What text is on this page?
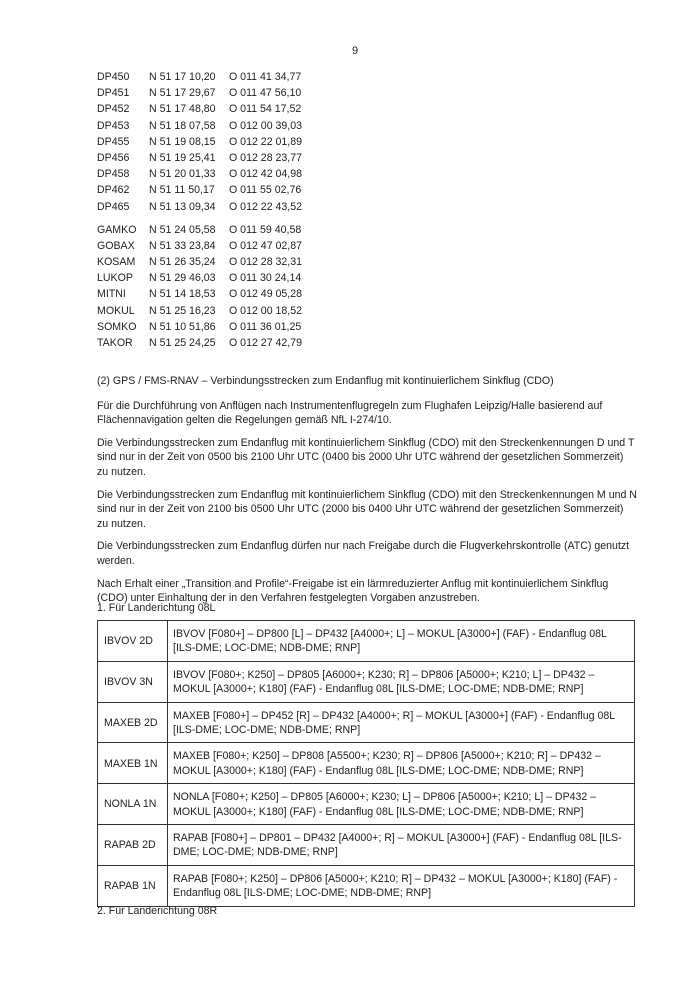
9
DP450	N 51 17 10,20	O 011 41 34,77
DP451	N 51 17 29,67	O 011 47 56,10
DP452	N 51 17 48,80	O 011 54 17,52
DP453	N 51 18 07,58	O 012 00 39,03
DP455	N 51 19 08,15	O 012 22 01,89
DP456	N 51 19 25,41	O 012 28 23,77
DP458	N 51 20 01,33	O 012 42 04,98
DP462	N 51 11 50,17	O 011 55 02,76
DP465	N 51 13 09,34	O 012 22 43,52
GAMKO	N 51 24 05,58	O 011 59 40,58
GOBAX	N 51 33 23,84	O 012 47 02,87
KOSAM	N 51 26 35,24	O 012 28 32,31
LUKOP	N 51 29 46,03	O 011 30 24,14
MITNI	N 51 14 18,53	O 012 49 05,28
MOKUL	N 51 25 16,23	O 012 00 18,52
SOMKO	N 51 10 51,86	O 011 36 01,25
TAKOR	N 51 25 24,25	O 012 27 42,79

(2) GPS / FMS-RNAV – Verbindungsstrecken zum Endanflug mit kontinuierlichem Sinkflug (CDO)

Für die Durchführung von Anflügen nach Instrumentenflugregeln zum Flughafen Leipzig/Halle basierend auf Flächennavigation gelten die Regelungen gemäß NfL I-274/10.

Die Verbindungsstrecken zum Endanflug mit kontinuierlichem Sinkflug (CDO) mit den Streckenkennungen D und T sind nur in der Zeit von 0500 bis 2100 Uhr UTC (0400 bis 2000 Uhr UTC während der gesetzlichen Sommerzeit) zu nutzen.

Die Verbindungsstrecken zum Endanflug mit kontinuierlichem Sinkflug (CDO) mit den Streckenkennungen M und N sind nur in der Zeit von 2100 bis 0500 Uhr UTC (2000 bis 0400 Uhr UTC während der gesetzlichen Sommerzeit) zu nutzen.

Die Verbindungsstrecken zum Endanflug dürfen nur nach Freigabe durch die Flugverkehrskontrolle (ATC) genutzt werden.

Nach Erhalt einer „Transition and Profile“-Freigabe ist ein lärmreduzierter Anflug mit kontinuierlichem Sinkflug (CDO) unter Einhaltung der in den Verfahren festgelegten Vorgaben anzustreben.

1. Für Landerichtung 08L
IBVOV 2D	IBVOV [F080+] – DP800 [L] – DP432 [A4000+; L] – MOKUL [A3000+] (FAF) - Endanflug 08L [ILS-DME; LOC-DME; NDB-DME; RNP]
IBVOV 3N	IBVOV [F080+; K250] – DP805 [A6000+; K230; R] – DP806 [A5000+; K210; L] – DP432 – MOKUL [A3000+; K180] (FAF) - Endanflug 08L [ILS-DME; LOC-DME; NDB-DME; RNP]
MAXEB 2D	MAXEB [F080+] – DP452 [R] – DP432 [A4000+; R] – MOKUL [A3000+] (FAF) - Endanflug 08L [ILS-DME; LOC-DME; NDB-DME; RNP]
MAXEB 1N	MAXEB [F080+; K250] – DP808 [A5500+; K230; R] – DP806 [A5000+; K210; R] – DP432 – MOKUL [A3000+; K180] (FAF) - Endanflug 08L [ILS-DME; LOC-DME; NDB-DME; RNP]
NONLA 1N	NONLA [F080+; K250] – DP805 [A6000+; K230; L] – DP806 [A5000+; K210; L] – DP432 – MOKUL [A3000+; K180] (FAF) - Endanflug 08L [ILS-DME; LOC-DME; NDB-DME; RNP]
RAPAB 2D	RAPAB [F080+] – DP801 – DP432 [A4000+; R] – MOKUL [A3000+] (FAF) - Endanflug 08L [ILS-DME; LOC-DME; NDB-DME; RNP]
RAPAB 1N	RAPAB [F080+; K250] – DP806 [A5000+; K210; R] – DP432 – MOKUL [A3000+; K180] (FAF) - Endanflug 08L [ILS-DME; LOC-DME; NDB-DME; RNP]
2. Für Landerichtung 08R
